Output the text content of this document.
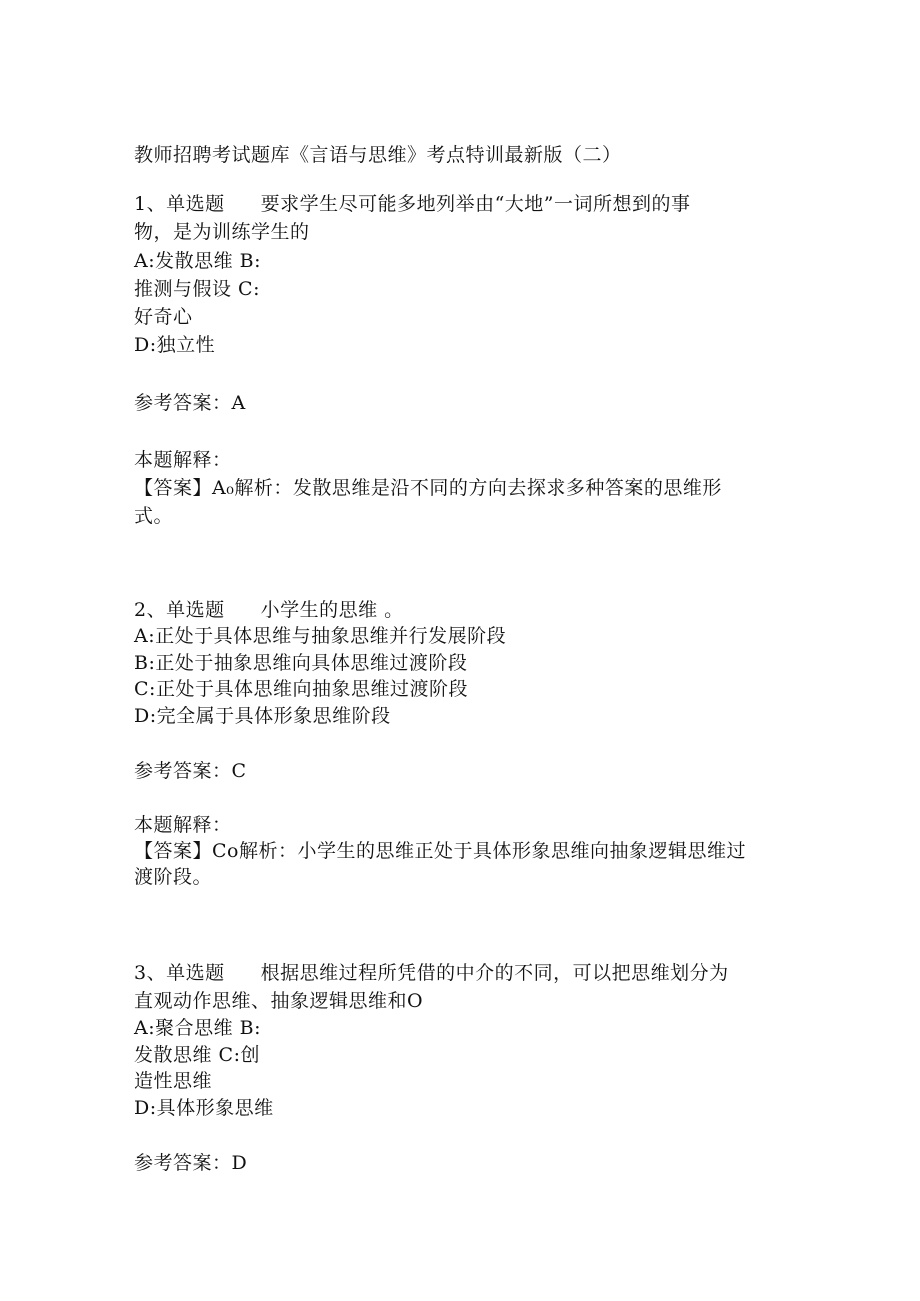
教师招聘考试题库《言语与思维》考点特训最新版（二）
1、单选题 要求学生尽可能多地列举由“大地”一词所想到的事
物，是为训练学生的
A:发散思维 B:
推测与假设 C:
好奇心
D:独立性
参考答案：A
本题解释：
【答案】A₀解析：发散思维是沿不同的方向去探求多种答案的思维形
式。
2、单选题 小学生的思维 。
A:正处于具体思维与抽象思维并行发展阶段
B:正处于抽象思维向具体思维过渡阶段
C:正处于具体思维向抽象思维过渡阶段
D:完全属于具体形象思维阶段
参考答案：C
本题解释：
【答案】Co解析：小学生的思维正处于具体形象思维向抽象逻辑思维过
渡阶段。
3、单选题 根据思维过程所凭借的中介的不同，可以把思维划分为
直观动作思维、抽象逻辑思维和O
A:聚合思维 B:
发散思维 C:创
造性思维
D:具体形象思维
参考答案：D
